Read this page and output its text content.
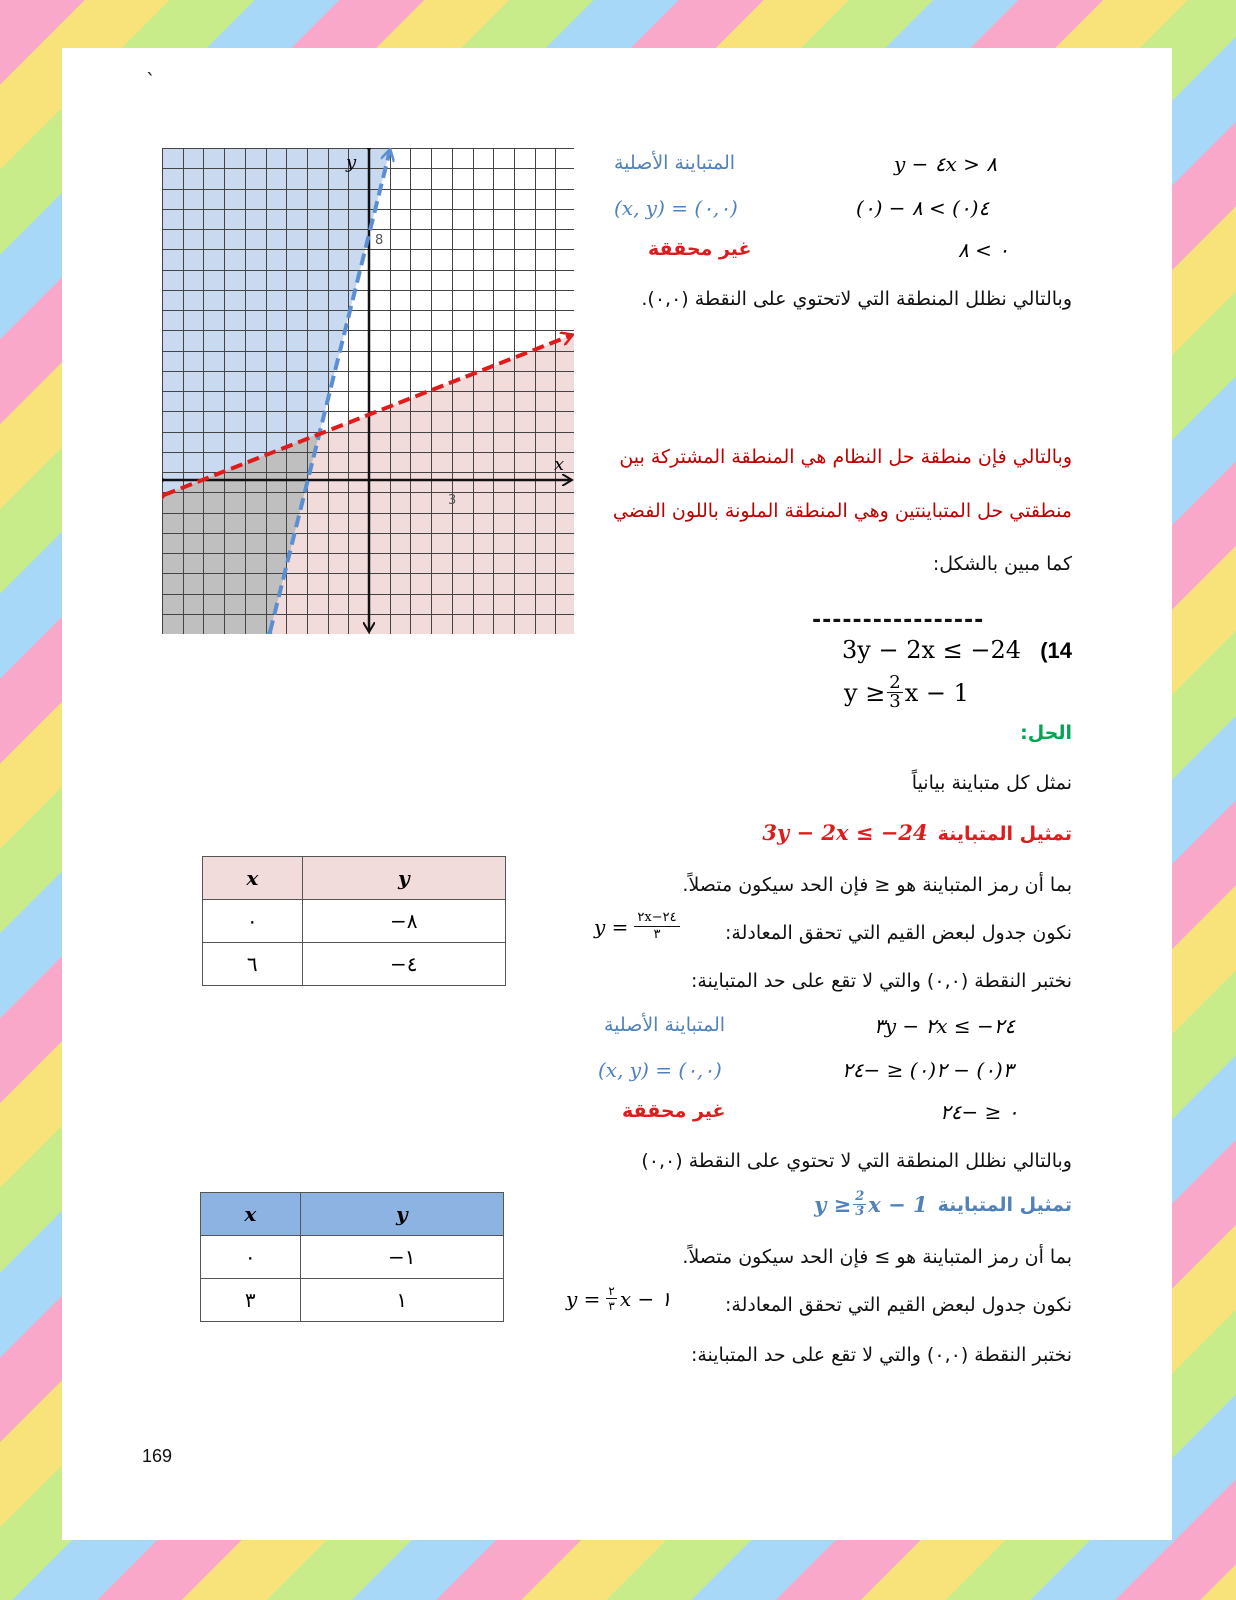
`
x
y
3
8
المتباينة الأصلية	y − ٤x > ٨
(x, y) = (٠,٠)	(٠) − ٤(٠) > ٨
غير محققة	٠ > ٨
وبالتالي نظلل المنطقة التي لاتحتوي على النقطة (٠,٠).
وبالتالي فإن منطقة حل النظام هي المنطقة المشتركة بين
منطقتي حل المتباينتين وهي المنطقة الملونة باللون الفضي
كما مبين بالشكل:
-----------------
(14
3y − 2x ≤ −24
$y \ge \frac{2}{3}$ x − 1
الحل:
نمثل كل متباينة بيانياً
تمثيل المتباينة
3y − 2x ≤ −24
x	y
٠	−٨
٦	−٤
بما أن رمز المتباينة هو ≤ فإن الحد سيكون متصلاً.
نكون جدول لبعض القيم التي تحقق المعادلة:
y = ٢x−٢٤
٣
نختبر النقطة (٠,٠) والتي لا تقع على حد المتباينة:
المتباينة الأصلية	٣y − ٢x ≤ −٢٤
(x, y) = (٠,٠)	٣(٠) − ٢(٠) ≤ −٢٤
غير محققة	٠ ≤ −٢٤
وبالتالي نظلل المنطقة التي لا تحتوي على النقطة (٠,٠)
تمثيل المتباينة
$y \ge \frac{2}{3}$ x − 1
x	y
٠	−١
٣	١
بما أن رمز المتباينة هو ≥ فإن الحد سيكون متصلاً.
نكون جدول لبعض القيم التي تحقق المعادلة:
y = ٢
٣ x − ١
نختبر النقطة (٠,٠) والتي لا تقع على حد المتباينة:
169
